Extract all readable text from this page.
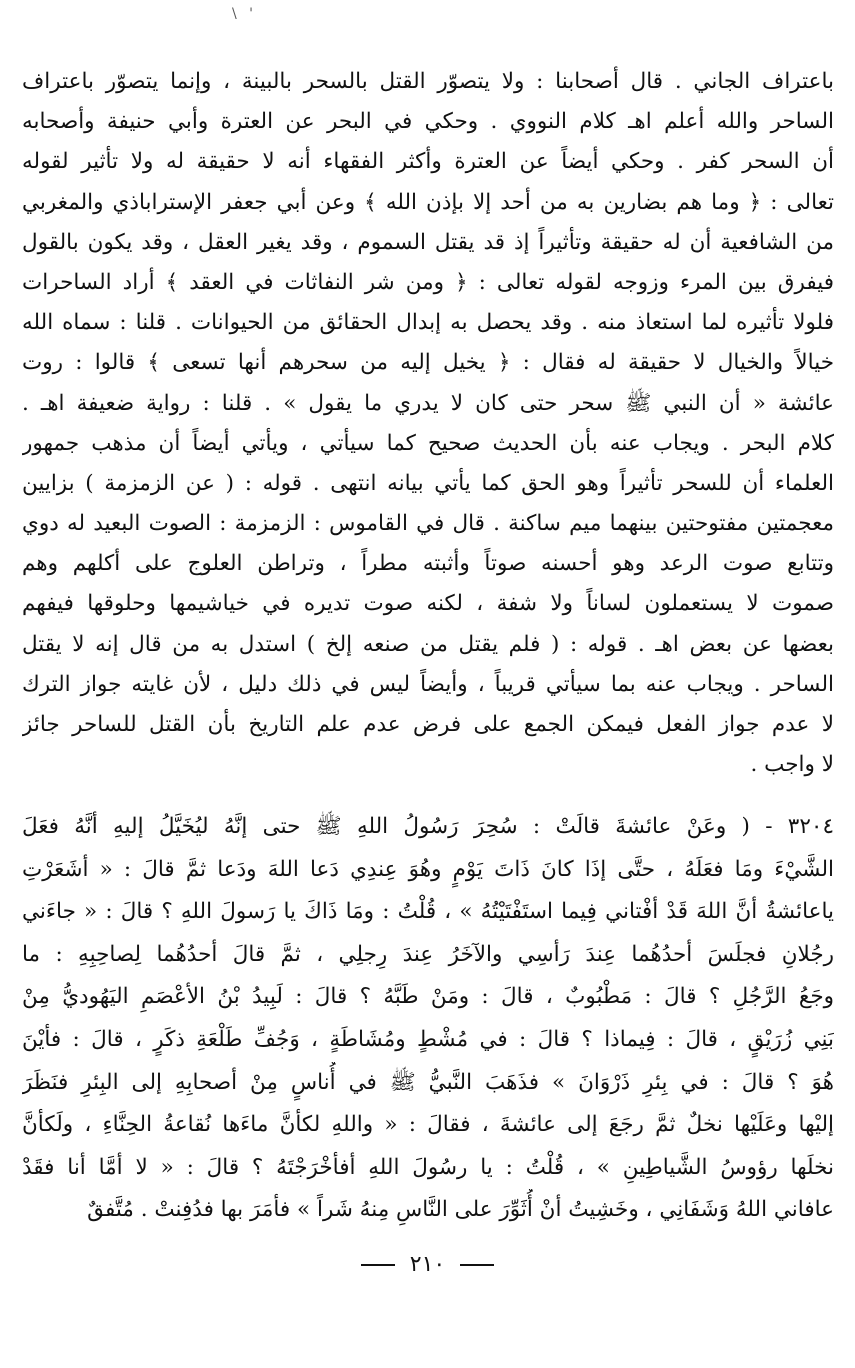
\ '
باعتراف الجاني . قال أصحابنا : ولا يتصوّر القتل بالسحر بالبينة ، وإنما يتصوّر باعتراف
الساحر والله أعلم اهـ كلام النووي . وحكي في البحر عن العترة وأبي حنيفة وأصحابه
أن السحر كفر . وحكي أيضاً عن العترة وأكثر الفقهاء أنه لا حقيقة له ولا تأثير لقوله
تعالى : ﴿ وما هم بضارين به من أحد إلا بإذن الله ﴾ وعن أبي جعفر الإستراباذي والمغربي
من الشافعية أن له حقيقة وتأثيراً إذ قد يقتل السموم ، وقد يغير العقل ، وقد يكون بالقول
فيفرق بين المرء وزوجه لقوله تعالى : ﴿ ومن شر النفاثات في العقد ﴾ أراد الساحرات
فلولا تأثيره لما استعاذ منه . وقد يحصل به إبدال الحقائق من الحيوانات . قلنا : سماه الله
خيالاً والخيال لا حقيقة له فقال : ﴿ يخيل إليه من سحرهم أنها تسعى ﴾ قالوا : روت
عائشة « أن النبي ﷺ سحر حتى كان لا يدري ما يقول » . قلنا : رواية ضعيفة اهـ .
كلام البحر . ويجاب عنه بأن الحديث صحيح كما سيأتي ، ويأتي أيضاً أن مذهب جمهور
العلماء أن للسحر تأثيراً وهو الحق كما يأتي بيانه انتهى . قوله : ( عن الزمزمة ) بزايين
معجمتين مفتوحتين بينهما ميم ساكنة . قال في القاموس : الزمزمة : الصوت البعيد له دوي
وتتابع صوت الرعد وهو أحسنه صوتاً وأثبته مطراً ، وتراطن العلوج على أكلهم وهم
صموت لا يستعملون لساناً ولا شفة ، لكنه صوت تديره في خياشيمها وحلوقها فيفهم
بعضها عن بعض اهـ . قوله : ( فلم يقتل من صنعه إلخ ) استدل به من قال إنه لا يقتل
الساحر . ويجاب عنه بما سيأتي قريباً ، وأيضاً ليس في ذلك دليل ، لأن غايته جواز الترك
لا عدم جواز الفعل فيمكن الجمع على فرض عدم علم التاريخ بأن القتل للساحر جائز
لا واجب .
٣٢٠٤ - ( وعَنْ عائشةَ قالَتْ : سُحِرَ رَسُولُ اللهِ ﷺ حتى إنَّهُ ليُخَيَّلُ إليهِ أنَّهُ فعَلَ
الشَّيْءَ ومَا فعَلَهُ ، حتَّى إذَا كانَ ذَاتَ يَوْمٍ وهُوَ عِندِي دَعا اللهَ ودَعا ثمَّ قالَ : « أشَعَرْتِ
ياعائشةُ أنَّ اللهَ قَدْ أفْتاني فِيما استَفْتَيْتُهُ » ، قُلْتُ : ومَا ذَاكَ يا رَسولَ اللهِ ؟ قالَ : « جاءَني
رجُلانِ فجلَسَ أحدُهُما عِندَ رَأسِي والآخَرُ عِندَ رِجلِي ، ثمَّ قالَ أحدُهُما لِصاحِبِهِ : ما
وجَعُ الرَّجُلِ ؟ قالَ : مَطْبُوبٌ ، قالَ : ومَنْ طَبَّهُ ؟ قالَ : لَبِيدُ بْنُ الأعْصَمِ اليَهُوديُّ مِنْ
بَنِي زُرَيْقٍ ، قالَ : فِيماذا ؟ قالَ : في مُشْطٍ ومُشَاطَةٍ ، وَجُفِّ طَلْعَةِ ذكَرٍ ، قالَ : فأيْنَ
هُوَ ؟ قالَ : في بِئرِ ذَرْوَانَ » فذَهَبَ النَّبيُّ ﷺ في أُناسٍ مِنْ أصحابِهِ إلى البِئرِ فنَظَرَ
إليْها وعَلَيْها نخلٌ ثمَّ رجَعَ إلى عائشةَ ، فقالَ : « واللهِ لكأنَّ ماءَها نُقاعةُ الحِنَّاءِ ، ولَكأنَّ
نخلَها رؤوسُ الشَّياطِينِ » ، قُلْتُ : يا رسُولَ اللهِ أفأخْرَجْتَهُ ؟ قالَ : « لا أمَّا أنا فقَدْ
عافاني اللهُ وَشَفَانِي ، وخَشِيتُ أنْ أُثَوِّرَ على النَّاسِ مِنهُ شَراً » فأمَرَ بها فدُفِنتْ . مُتَّفقٌ
٢١٠
